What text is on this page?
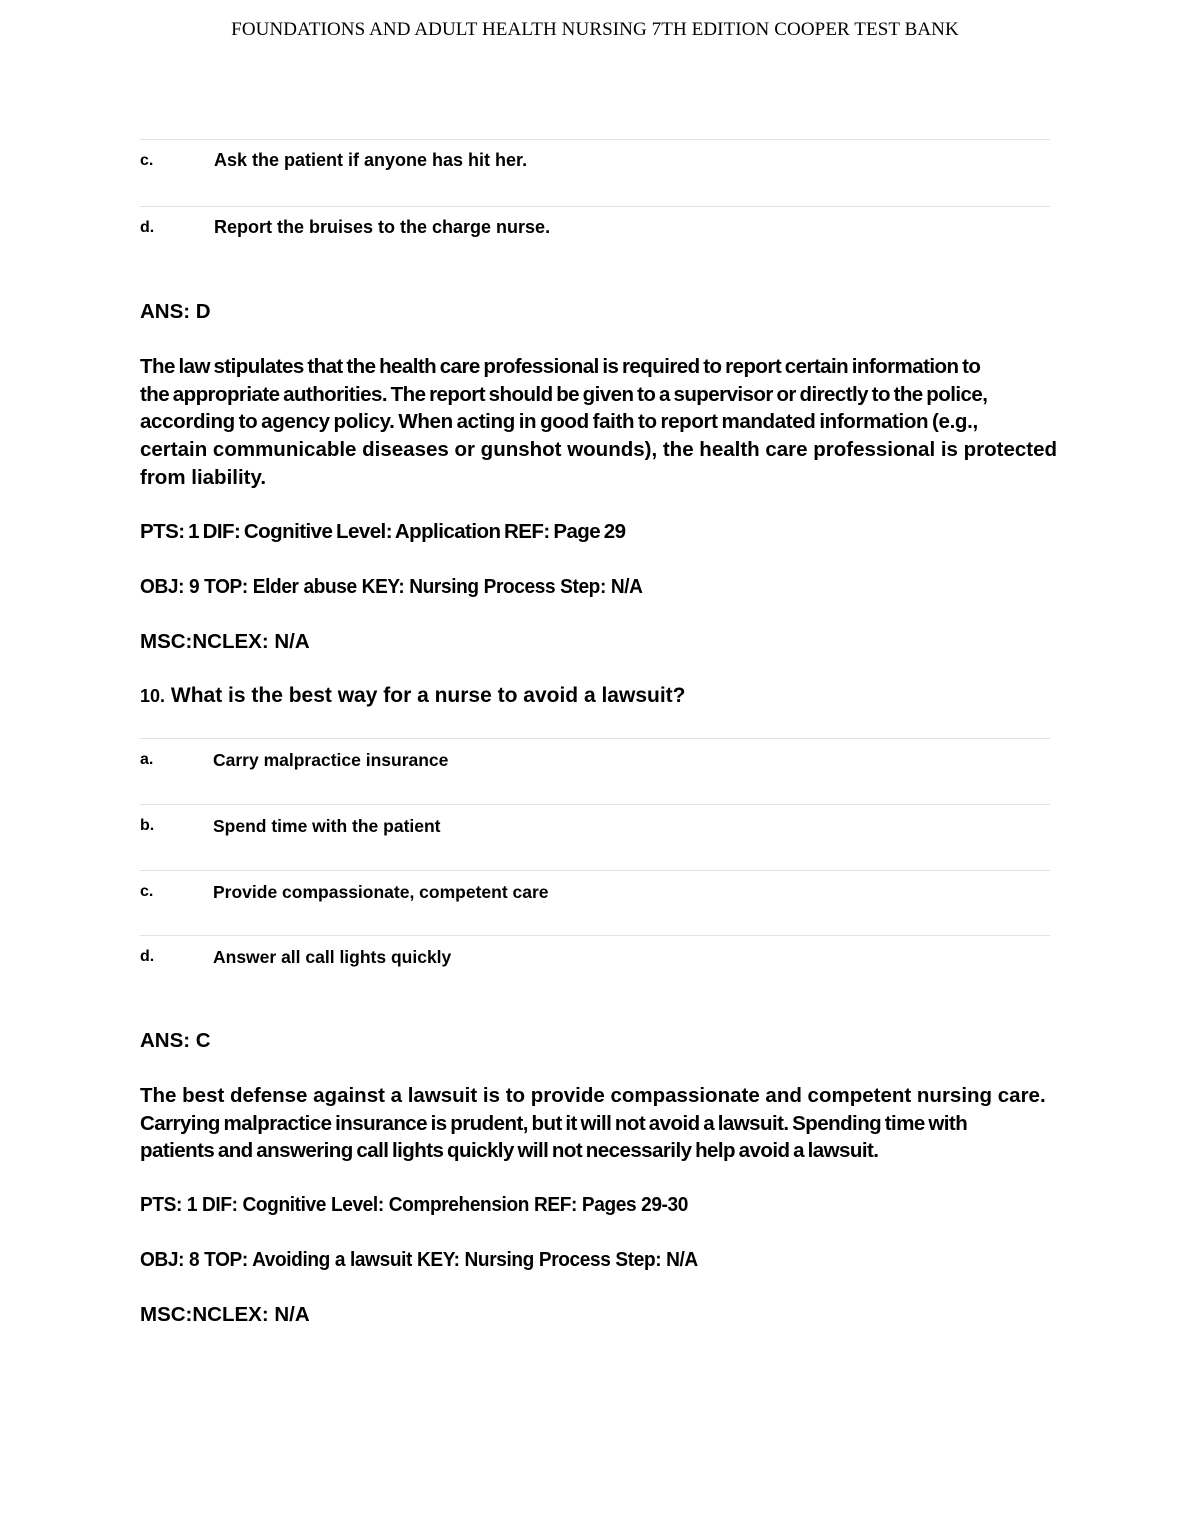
FOUNDATIONS AND ADULT HEALTH NURSING 7TH EDITION COOPER TEST BANK
c.	Ask the patient if anyone has hit her.
d.	Report the bruises to the charge nurse.
ANS: D
The law stipulates that the health care professional is required to report certain information to
the appropriate authorities. The report should be given to a supervisor or directly to the police,
according to agency policy. When acting in good faith to report mandated information (e.g.,
certain communicable diseases or gunshot wounds), the health care professional is protected
from liability.
PTS: 1 DIF: Cognitive Level: Application REF: Page 29
OBJ: 9 TOP: Elder abuse KEY: Nursing Process Step: N/A
MSC:NCLEX: N/A
10. What is the best way for a nurse to avoid a lawsuit?
a.	Carry malpractice insurance
b.	Spend time with the patient
c.	Provide compassionate, competent care
d.	Answer all call lights quickly
ANS: C
The best defense against a lawsuit is to provide compassionate and competent nursing care.
Carrying malpractice insurance is prudent, but it will not avoid a lawsuit. Spending time with
patients and answering call lights quickly will not necessarily help avoid a lawsuit.
PTS: 1 DIF: Cognitive Level: Comprehension REF: Pages 29-30
OBJ: 8 TOP: Avoiding a lawsuit KEY: Nursing Process Step: N/A
MSC:NCLEX: N/A
